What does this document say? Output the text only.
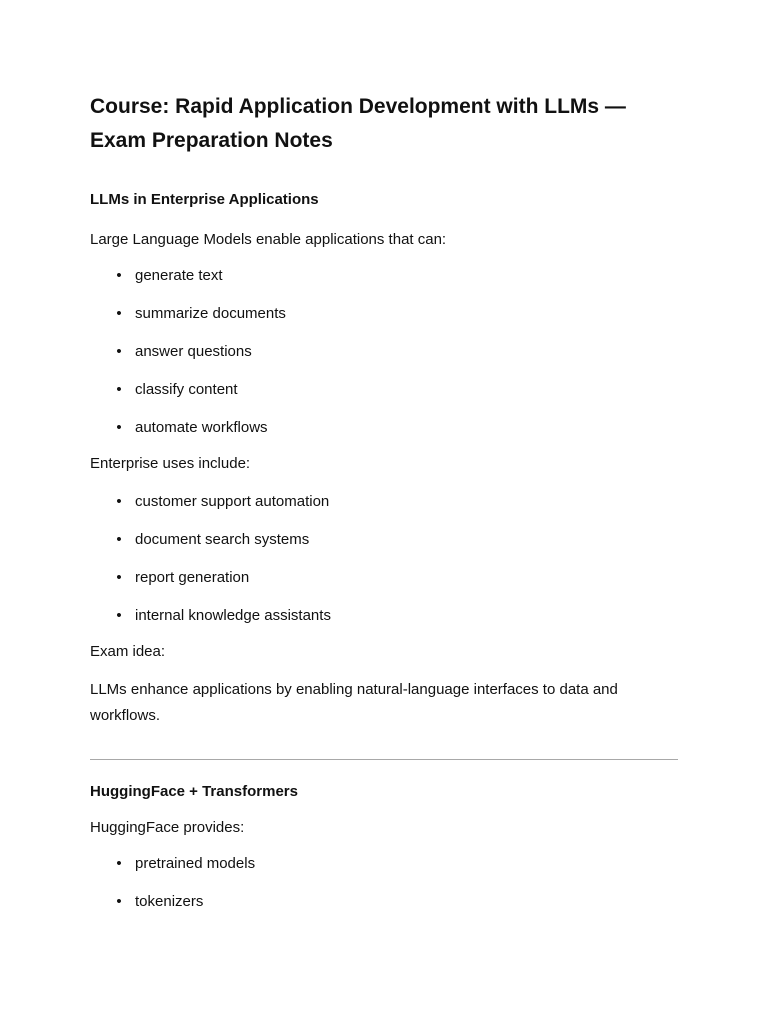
Course: Rapid Application Development with LLMs — Exam Preparation Notes
LLMs in Enterprise Applications

Large Language Models enable applications that can:

• generate text
• summarize documents
• answer questions
• classify content
• automate workflows

Enterprise uses include:

• customer support automation
• document search systems
• report generation
• internal knowledge assistants

Exam idea:

LLMs enhance applications by enabling natural-language interfaces to data and workflows.

HuggingFace + Transformers

HuggingFace provides:

• pretrained models
• tokenizers
